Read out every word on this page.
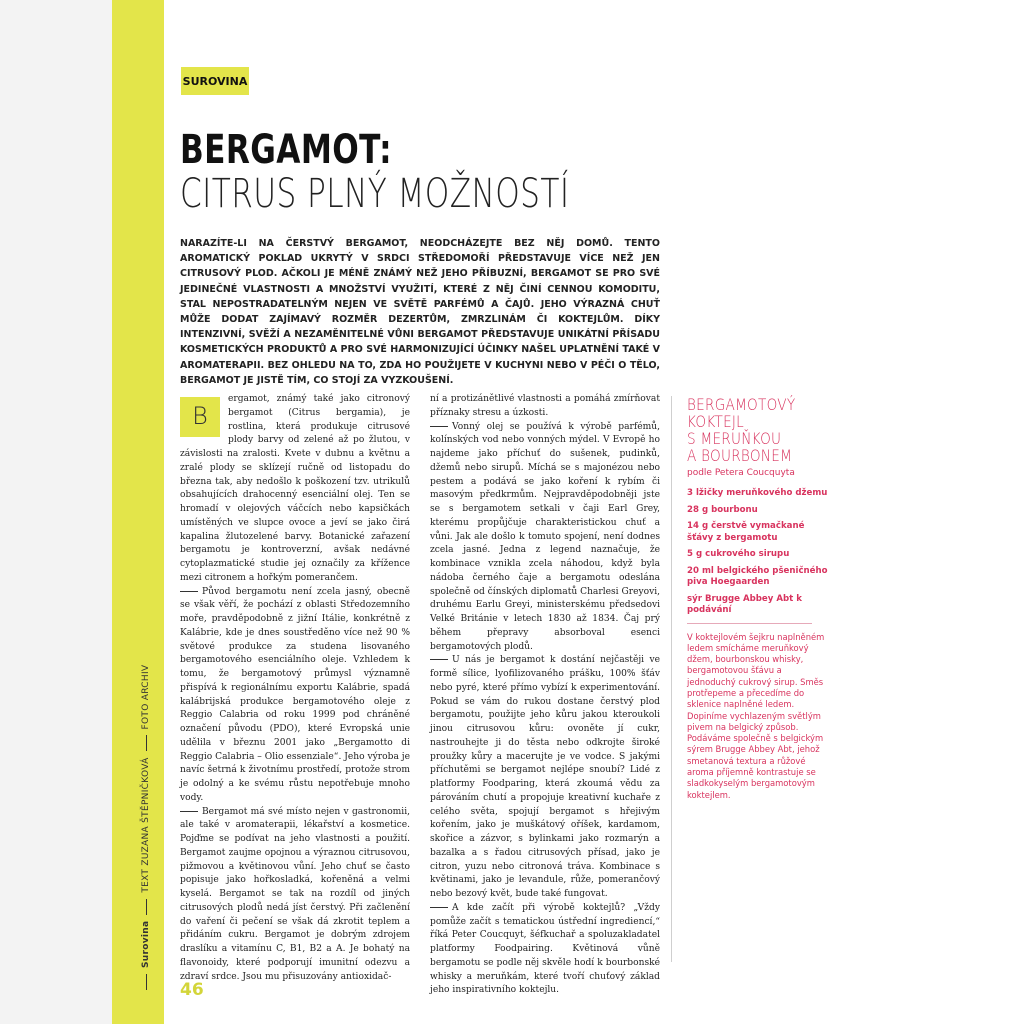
Surovina
TEXT ZUZANA ŠTĚPNIČKOVÁ
FOTO ARCHIV
46
SUROVINA
BERGAMOT:
CITRUS PLNÝ MOŽNOSTÍ
NARAZÍTE-LI NA ČERSTVÝ BERGAMOT, NEODCHÁZEJTE BEZ NĚJ DOMŮ. TENTO AROMATICKÝ POKLAD UKRYTÝ V SRDCI STŘEDOMOŘÍ PŘEDSTAVUJE VÍCE NEŽ JEN CITRUSOVÝ PLOD. AČKOLI JE MÉNĚ ZNÁMÝ NEŽ JEHO PŘÍBUZNÍ, BERGAMOT SE PRO SVÉ JEDINEČNÉ VLASTNOSTI A MNOŽSTVÍ VYUŽITÍ, KTERÉ Z NĚJ ČINÍ CENNOU KOMODITU, STAL NEPOSTRADATELNÝM NEJEN VE SVĚTĚ PARFÉMŮ A ČAJŮ. JEHO VÝRAZNÁ CHUŤ MŮŽE DODAT ZAJÍMAVÝ ROZMĚR DEZERTŮM, ZMRZLINÁM ČI KOKTEJLŮM. DÍKY INTENZIVNÍ, SVĚŽÍ A NEZAMĚNITELNÉ VŮNI BERGAMOT PŘEDSTAVUJE UNIKÁTNÍ PŘÍSADU KOSMETICKÝCH PRODUKTŮ A PRO SVÉ HARMONIZUJÍCÍ ÚČINKY NAŠEL UPLATNĚNÍ TAKÉ V AROMATERAPII. BEZ OHLEDU NA TO, ZDA HO POUŽIJETE V KUCHYNI NEBO V PÉČI O TĚLO, BERGAMOT JE JISTĚ TÍM, CO STOJÍ ZA VYZKOUŠENÍ.
B

ergamot, známý také jako citronový bergamot (Citrus bergamia), je rostlina, která produkuje citrusové plody barvy od zelené až po žlutou, v závislosti na zralosti. Kvete v dubnu a květnu a zralé plody se sklízejí ručně od listopadu do března tak, aby nedošlo k poškození tzv. utrikulů obsahujících drahocenný esenciální olej. Ten se hromadí v olejových váčcích nebo kapsičkách umístěných ve slupce ovoce a jeví se jako čirá kapalina žlutozelené barvy. Botanické zařazení bergamotu je kontroverzní, avšak nedávné cytoplazmatické studie jej označily za křížence mezi citronem a hořkým pomerančem.

Původ bergamotu není zcela jasný, obecně se však věří, že pochází z oblasti Středozemního moře, pravděpodobně z jižní Itálie, konkrétně z Kalábrie, kde je dnes soustředěno více než 90 % světové produkce za studena lisovaného bergamotového esenciálního oleje. Vzhledem k tomu, že bergamotový průmysl významně přispívá k regionálnímu exportu Kalábrie, spadá kalábrijská produkce bergamotového oleje z Reggio Calabria od roku 1999 pod chráněné označení původu (PDO), které Evropská unie udělila v březnu 2001 jako „Bergamotto di Reggio Calabria – Olio essenziale“. Jeho výroba je navíc šetrná k životnímu prostředí, protože strom je odolný a ke svému růstu nepotřebuje mnoho vody.

Bergamot má své místo nejen v gastronomii, ale také v aromaterapii, lékařství a kosmetice. Pojďme se podívat na jeho vlastnosti a použití. Bergamot zaujme opojnou a výraznou citrusovou, pižmovou a květinovou vůní. Jeho chuť se často popisuje jako hořkosladká, kořeněná a velmi kyselá. Bergamot se tak na rozdíl od jiných citrusových plodů nedá jíst čerstvý. Při začlenění do vaření či pečení se však dá zkrotit teplem a přidáním cukru. Bergamot je dobrým zdrojem draslíku a vitamínu C, B1, B2 a A. Je bohatý na flavonoidy, které podporují imunitní odezvu a zdraví srdce. Jsou mu přisuzovány antioxidač-

ní a protizánětlivé vlastnosti a pomáhá zmírňovat příznaky stresu a úzkosti.

Vonný olej se používá k výrobě parfémů, kolínských vod nebo vonných mýdel. V Evropě ho najdeme jako příchuť do sušenek, pudinků, džemů nebo sirupů. Míchá se s majonézou nebo pestem a podává se jako koření k rybím či masovým předkrmům. Nejpravděpodobněji jste se s bergamotem setkali v čaji Earl Grey, kterému propůjčuje charakteristickou chuť a vůni. Jak ale došlo k tomuto spojení, není dodnes zcela jasné. Jedna z legend naznačuje, že kombinace vznikla zcela náhodou, když byla nádoba černého čaje a bergamotu odeslána společně od čínských diplomatů Charlesi Greyovi, druhému Earlu Greyi, ministerskému předsedovi Velké Británie v letech 1830 až 1834. Čaj prý během přepravy absorboval esenci bergamotových plodů.

U nás je bergamot k dostání nejčastěji ve formě sílice, lyofilizovaného prášku, 100% šťáv nebo pyré, které přímo vybízí k experimentování. Pokud se vám do rukou dostane čerstvý plod bergamotu, použijte jeho kůru jakou kteroukoli jinou citrusovou kůru: ovoněte jí cukr, nastrouhejte ji do těsta nebo odkrojte široké proužky kůry a macerujte je ve vodce. S jakými příchutěmi se bergamot nejlépe snoubí? Lidé z platformy Foodparing, která zkoumá vědu za párováním chutí a propojuje kreativní kuchaře z celého světa, spojují bergamot s hřejivým kořením, jako je muškátový oříšek, kardamom, skořice a zázvor, s bylinkami jako rozmarýn a bazalka a s řadou citrusových přísad, jako je citron, yuzu nebo citronová tráva. Kombinace s květinami, jako je levandule, růže, pomerančový nebo bezový květ, bude také fungovat.

A kde začít při výrobě koktejlů? „Vždy pomůže začít s tematickou ústřední ingrediencí,“ říká Peter Coucquyt, šéfkuchař a spoluzakladatel platformy Foodpairing. Květinová vůně bergamotu se podle něj skvěle hodí k bourbonské whisky a meruňkám, které tvoří chuťový základ jeho inspirativního koktejlu.

BERGAMOTOVÝ
KOKTEJL
S MERUŇKOU
A BOURBONEM
podle Petera Coucquyta
3 lžičky meruňkového džemu
28 g bourbonu
14 g čerstvě vymačkané šťávy z bergamotu
5 g cukrového sirupu
20 ml belgického pšeničného piva Hoegaarden
sýr Brugge Abbey Abt k podávání
V koktejlovém šejkru naplněném ledem smícháme meruňkový džem, bourbonskou whisky, bergamotovou šťávu a jednoduchý cukrový sirup. Směs protřepeme a přecedíme do sklenice naplněné ledem. Dopiníme vychlazeným světlým pivem na belgický způsob. Podáváme společně s belgickým sýrem Brugge Abbey Abt, jehož smetanová textura a růžové aroma příjemně kontrastuje se sladkokyselým bergamotovým koktejlem.
